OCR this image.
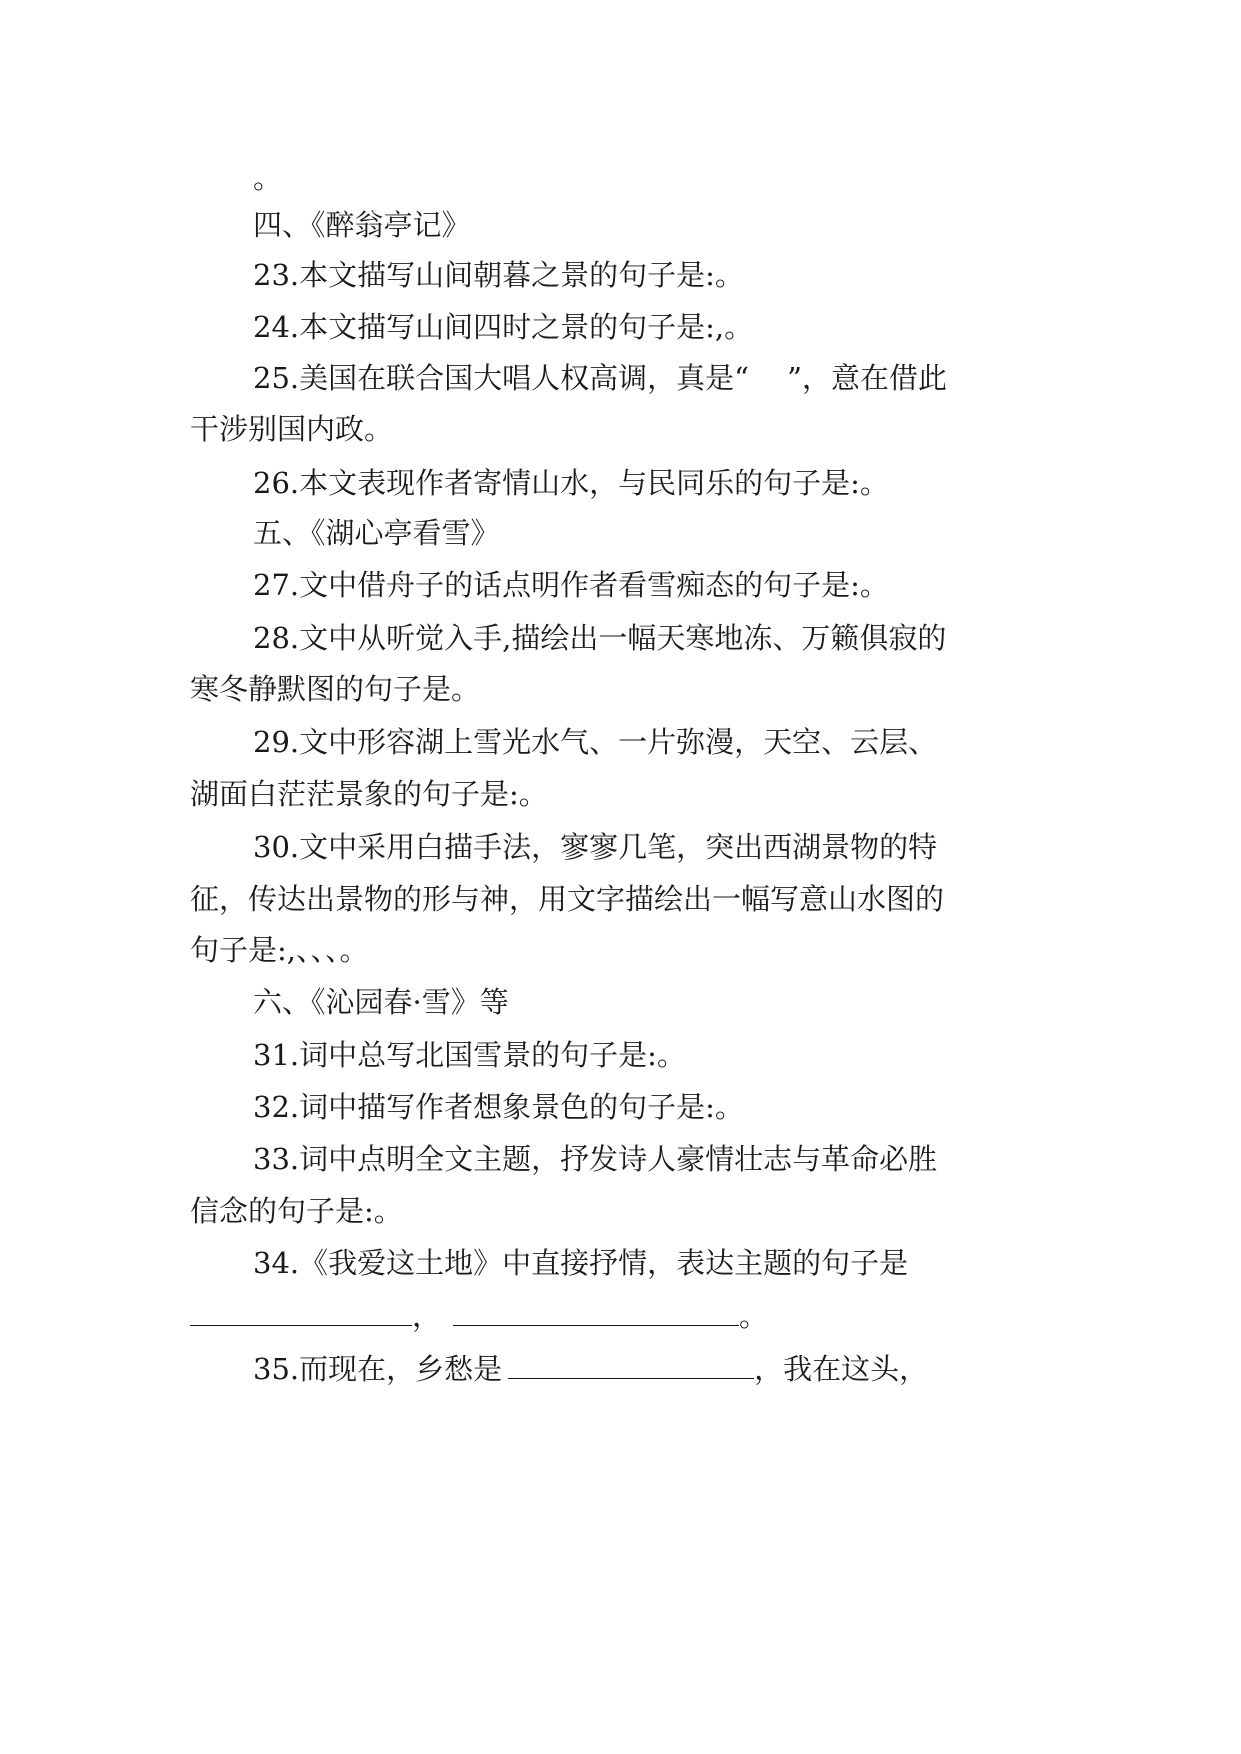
。
四、《醉翁亭记》
23.本文描写山间朝暮之景的句子是:。
24.本文描写山间四时之景的句子是:,。
25.美国在联合国大唱人权高调，真是“　 ”，意在借此
干涉别国内政。
26.本文表现作者寄情山水，与民同乐的句子是:。
五、《湖心亭看雪》
27.文中借舟子的话点明作者看雪痴态的句子是:。
28.文中从听觉入手,描绘出一幅天寒地冻、万籁俱寂的
寒冬静默图的句子是。
29.文中形容湖上雪光水气、一片弥漫，天空、云层、
湖面白茫茫景象的句子是:。
30.文中采用白描手法，寥寥几笔，突出西湖景物的特
征，传达出景物的形与神，用文字描绘出一幅写意山水图的
句子是:,、、、。
六、《沁园春·雪》等
31.词中总写北国雪景的句子是:。
32.词中描写作者想象景色的句子是:。
33.词中点明全文主题，抒发诗人豪情壮志与革命必胜
信念的句子是:。
34.《我爱这土地》中直接抒情，表达主题的句子是
，	。
35.而现在，乡愁是	，我在这头，
